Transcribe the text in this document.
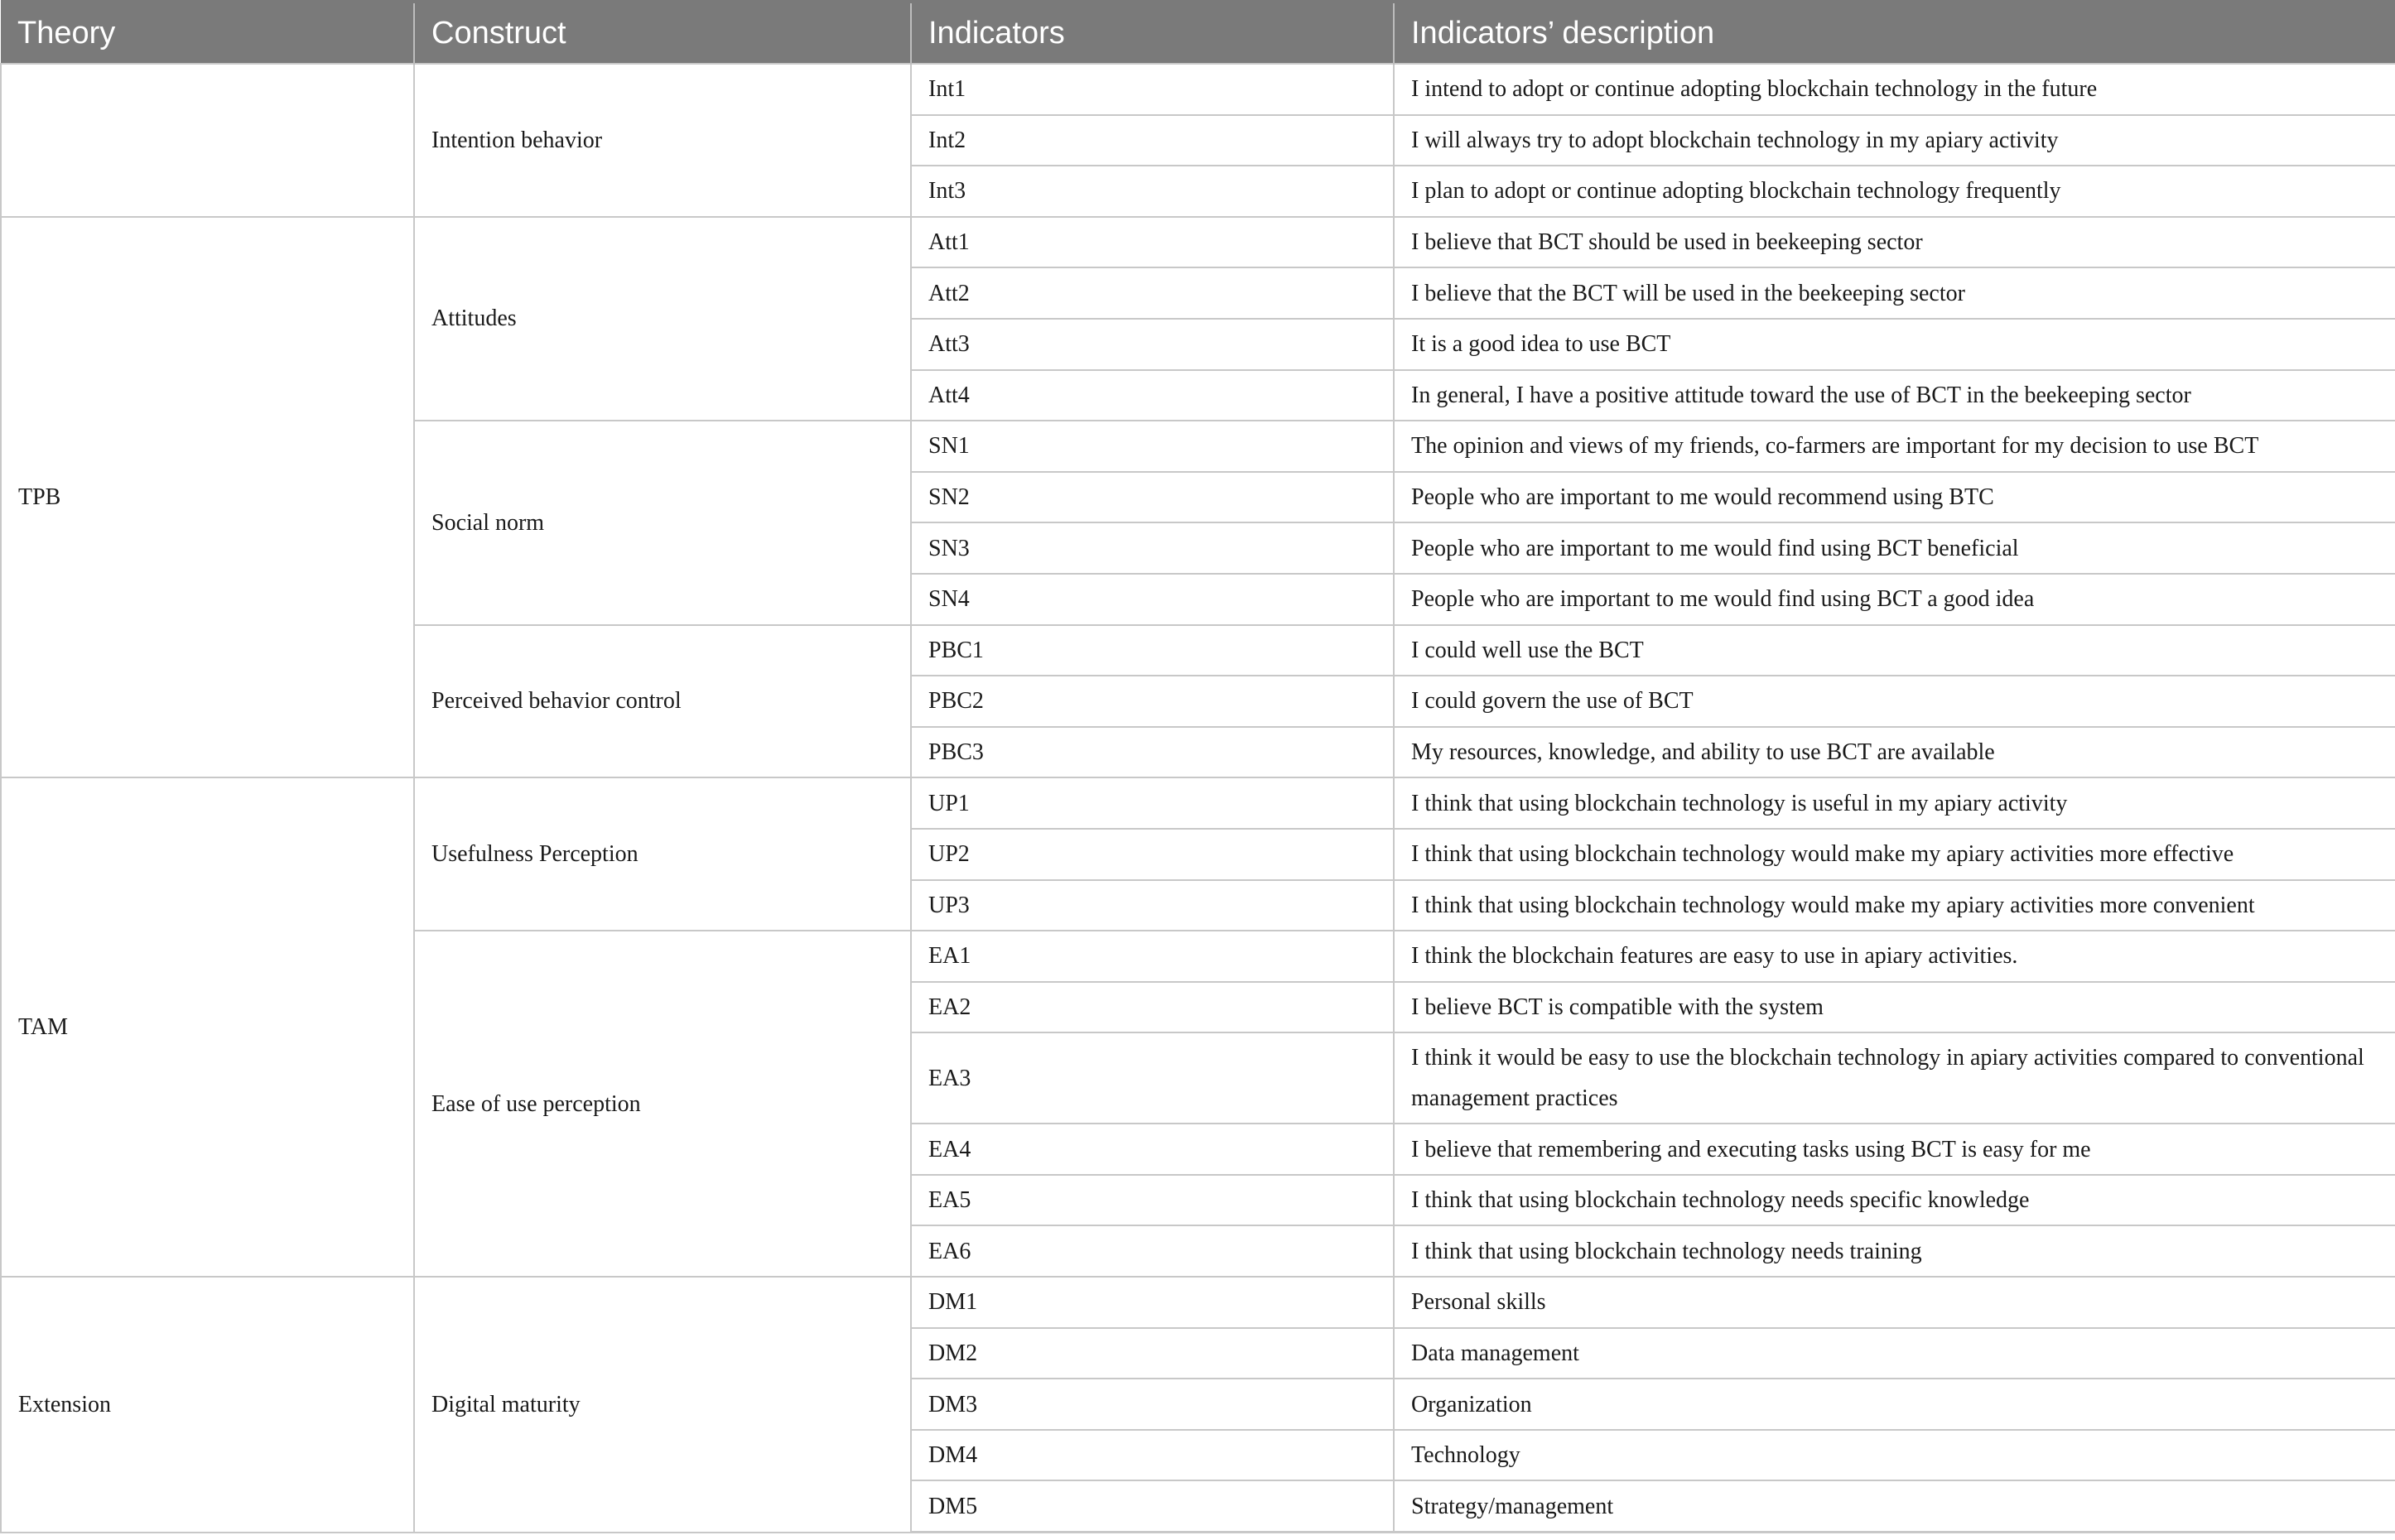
Theory	Construct	Indicators	Indicators’ description
	Intention behavior	Int1	I intend to adopt or continue adopting blockchain technology in the future
		Int2	I will always try to adopt blockchain technology in my apiary activity
		Int3	I plan to adopt or continue adopting blockchain technology frequently
TPB	Attitudes	Att1	I believe that BCT should be used in beekeeping sector
		Att2	I believe that the BCT will be used in the beekeeping sector
		Att3	It is a good idea to use BCT
		Att4	In general, I have a positive attitude toward the use of BCT in the beekeeping sector
	Social norm	SN1	The opinion and views of my friends, co-farmers are important for my decision to use BCT
		SN2	People who are important to me would recommend using BTC
		SN3	People who are important to me would find using BCT beneficial
		SN4	People who are important to me would find using BCT a good idea
	Perceived behavior control	PBC1	I could well use the BCT
		PBC2	I could govern the use of BCT
		PBC3	My resources, knowledge, and ability to use BCT are available
TAM	Usefulness Perception	UP1	I think that using blockchain technology is useful in my apiary activity
		UP2	I think that using blockchain technology would make my apiary activities more effective
		UP3	I think that using blockchain technology would make my apiary activities more convenient
	Ease of use perception	EA1	I think the blockchain features are easy to use in apiary activities.
		EA2	I believe BCT is compatible with the system
		EA3	I think it would be easy to use the blockchain technology in apiary activities compared to conventional management practices
		EA4	I believe that remembering and executing tasks using BCT is easy for me
		EA5	I think that using blockchain technology needs specific knowledge
		EA6	I think that using blockchain technology needs training
Extension	Digital maturity	DM1	Personal skills
		DM2	Data management
		DM3	Organization
		DM4	Technology
		DM5	Strategy/management
